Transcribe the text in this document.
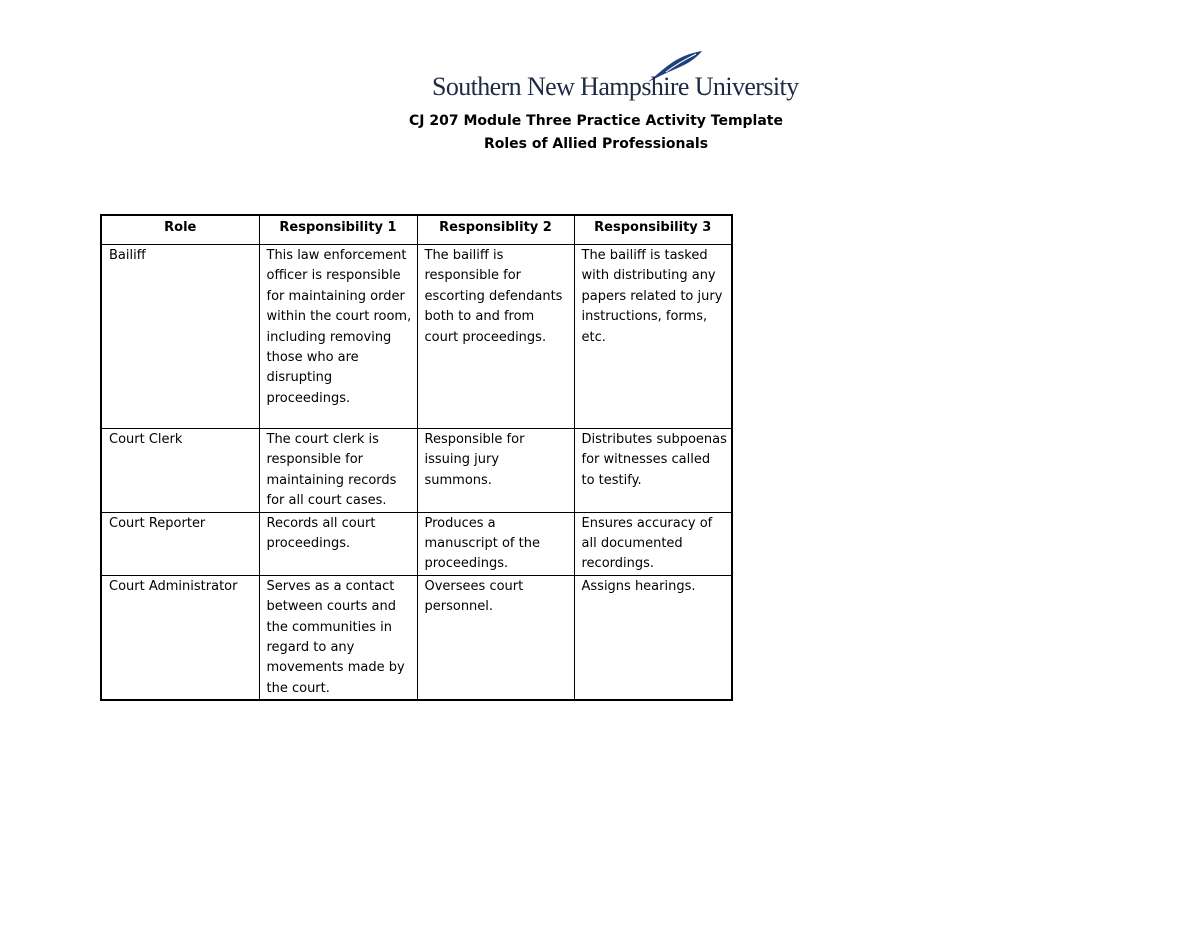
Southern New Hampshire University
CJ 207 Module Three Practice Activity Template
Roles of Allied Professionals
Role	Responsibility 1	Responsiblity 2	Responsibility 3
Bailiff	This law enforcement officer is responsible for maintaining order within the court room, including removing those who are disrupting proceedings.	The bailiff is responsible for escorting defendants both to and from court proceedings.	The bailiff is tasked with distributing any papers related to jury instructions, forms, etc.
Court Clerk	The court clerk is responsible for maintaining records for all court cases.	Responsible for issuing jury summons.	Distributes subpoenas for witnesses called to testify.
Court Reporter	Records all court proceedings.	Produces a manuscript of the proceedings.	Ensures accuracy of all documented recordings.
Court Administrator	Serves as a contact between courts and the communities in regard to any movements made by the court.	Oversees court personnel.	Assigns hearings.
